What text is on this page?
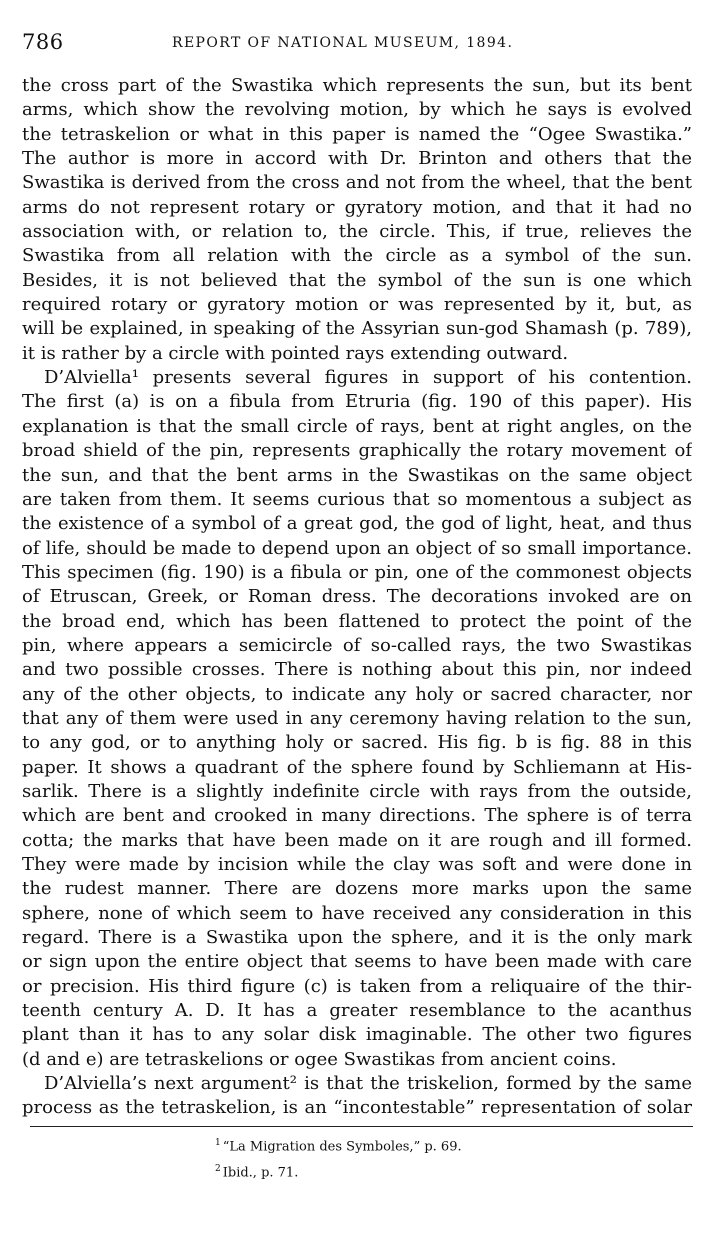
786	REPORT OF NATIONAL MUSEUM, 1894.
the cross part of the Swastika which represents the sun, but its bent
arms, which show the revolving motion, by which he says is evolved
the tetraskelion or what in this paper is named the “Ogee Swastika.”
The author is more in accord with Dr. Brinton and others that the
Swastika is derived from the cross and not from the wheel, that the bent
arms do not represent rotary or gyratory motion, and that it had no
association with, or relation to, the circle. This, if true, relieves the
Swastika from all relation with the circle as a symbol of the sun.
Besides, it is not believed that the symbol of the sun is one which
required rotary or gyratory motion or was represented by it, but, as
will be explained, in speaking of the Assyrian sun-god Shamash (p. 789),
it is rather by a circle with pointed rays extending outward.
D’Alviella¹ presents several figures in support of his contention.
The first (a) is on a fibula from Etruria (fig. 190 of this paper). His
explanation is that the small circle of rays, bent at right angles, on the
broad shield of the pin, represents graphically the rotary movement of
the sun, and that the bent arms in the Swastikas on the same object
are taken from them. It seems curious that so momentous a subject as
the existence of a symbol of a great god, the god of light, heat, and thus
of life, should be made to depend upon an object of so small importance.
This specimen (fig. 190) is a fibula or pin, one of the commonest objects
of Etruscan, Greek, or Roman dress. The decorations invoked are on
the broad end, which has been flattened to protect the point of the
pin, where appears a semicircle of so-called rays, the two Swastikas
and two possible crosses. There is nothing about this pin, nor indeed
any of the other objects, to indicate any holy or sacred character, nor
that any of them were used in any ceremony having relation to the sun,
to any god, or to anything holy or sacred. His fig. b is fig. 88 in this
paper. It shows a quadrant of the sphere found by Schliemann at His-
sarlik. There is a slightly indefinite circle with rays from the outside,
which are bent and crooked in many directions. The sphere is of terra
cotta; the marks that have been made on it are rough and ill formed.
They were made by incision while the clay was soft and were done in
the rudest manner. There are dozens more marks upon the same
sphere, none of which seem to have received any consideration in this
regard. There is a Swastika upon the sphere, and it is the only mark
or sign upon the entire object that seems to have been made with care
or precision. His third figure (c) is taken from a reliquaire of the thir-
teenth century A. D. It has a greater resemblance to the acanthus
plant than it has to any solar disk imaginable. The other two figures
(d and e) are tetraskelions or ogee Swastikas from ancient coins.
D’Alviella’s next argument² is that the triskelion, formed by the same
process as the tetraskelion, is an “incontestable” representation of solar
$^1$ “La Migration des Symboles,” p. 69.
$^2$ Ibid., p. 71.
